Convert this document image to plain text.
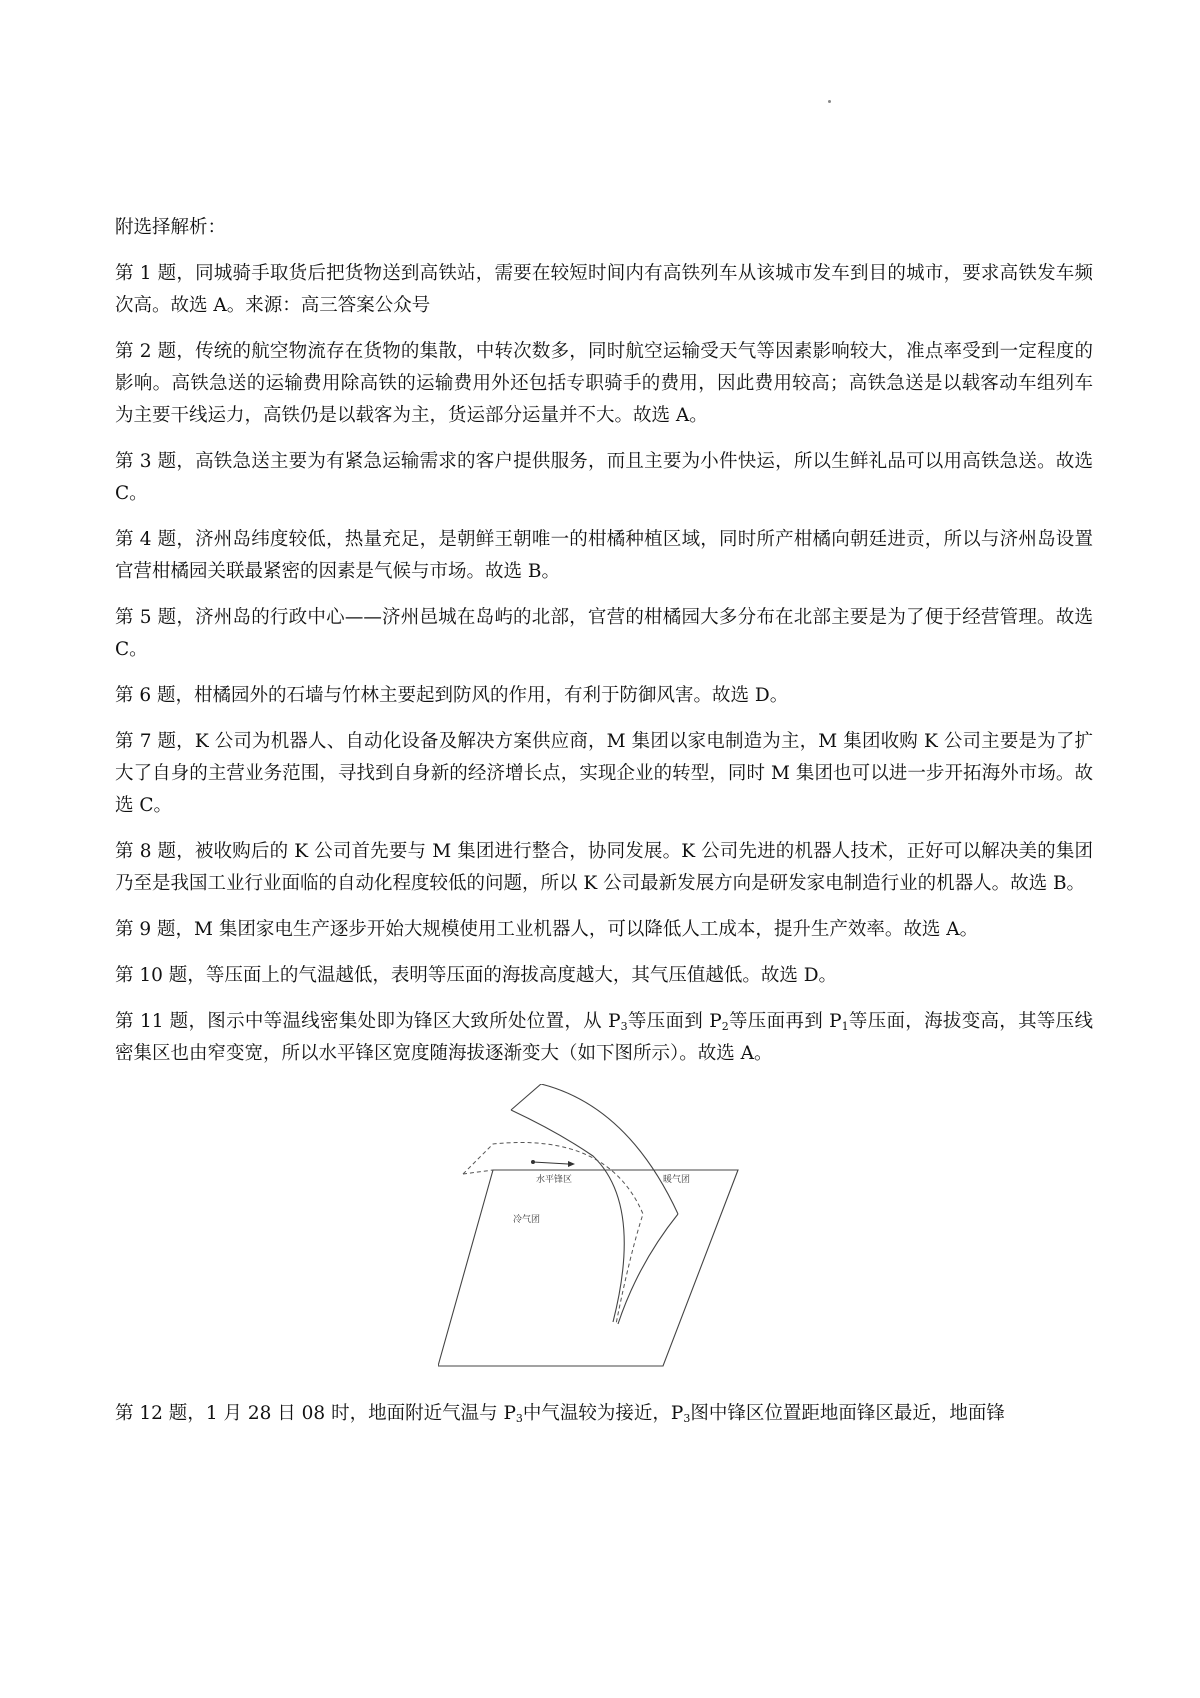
附选择解析：
第 1 题，同城骑手取货后把货物送到高铁站，需要在较短时间内有高铁列车从该城市发车到目的城市，要求高铁发车频次高。故选 A。来源：高三答案公众号
第 2 题，传统的航空物流存在货物的集散，中转次数多，同时航空运输受天气等因素影响较大，准点率受到一定程度的影响。高铁急送的运输费用除高铁的运输费用外还包括专职骑手的费用，因此费用较高；高铁急送是以载客动车组列车为主要干线运力，高铁仍是以载客为主，货运部分运量并不大。故选 A。
第 3 题，高铁急送主要为有紧急运输需求的客户提供服务，而且主要为小件快运，所以生鲜礼品可以用高铁急送。故选 C。
第 4 题，济州岛纬度较低，热量充足，是朝鲜王朝唯一的柑橘种植区域，同时所产柑橘向朝廷进贡，所以与济州岛设置官营柑橘园关联最紧密的因素是气候与市场。故选 B。
第 5 题，济州岛的行政中心——济州邑城在岛屿的北部，官营的柑橘园大多分布在北部主要是为了便于经营管理。故选 C。
第 6 题，柑橘园外的石墙与竹林主要起到防风的作用，有利于防御风害。故选 D。
第 7 题，K 公司为机器人、自动化设备及解决方案供应商，M 集团以家电制造为主，M 集团收购 K 公司主要是为了扩大了自身的主营业务范围，寻找到自身新的经济增长点，实现企业的转型，同时 M 集团也可以进一步开拓海外市场。故选 C。
第 8 题，被收购后的 K 公司首先要与 M 集团进行整合，协同发展。K 公司先进的机器人技术，正好可以解决美的集团乃至是我国工业行业面临的自动化程度较低的问题，所以 K 公司最新发展方向是研发家电制造行业的机器人。故选 B。
第 9 题，M 集团家电生产逐步开始大规模使用工业机器人，可以降低人工成本，提升生产效率。故选 A。
第 10 题，等压面上的气温越低，表明等压面的海拔高度越大，其气压值越低。故选 D。
第 11 题，图示中等温线密集处即为锋区大致所处位置，从 $P_3$等压面到 $P_2$等压面再到 $P_1$等压面，海拔变高，其等压线密集区也由窄变宽，所以水平锋区宽度随海拔逐渐变大（如下图所示）。故选 A。
水平锋区	暖气团
冷气团
第 12 题，1 月 28 日 08 时，地面附近气温与 $P_3$中气温较为接近，$P_3$图中锋区位置距地面锋区最近，地面锋
